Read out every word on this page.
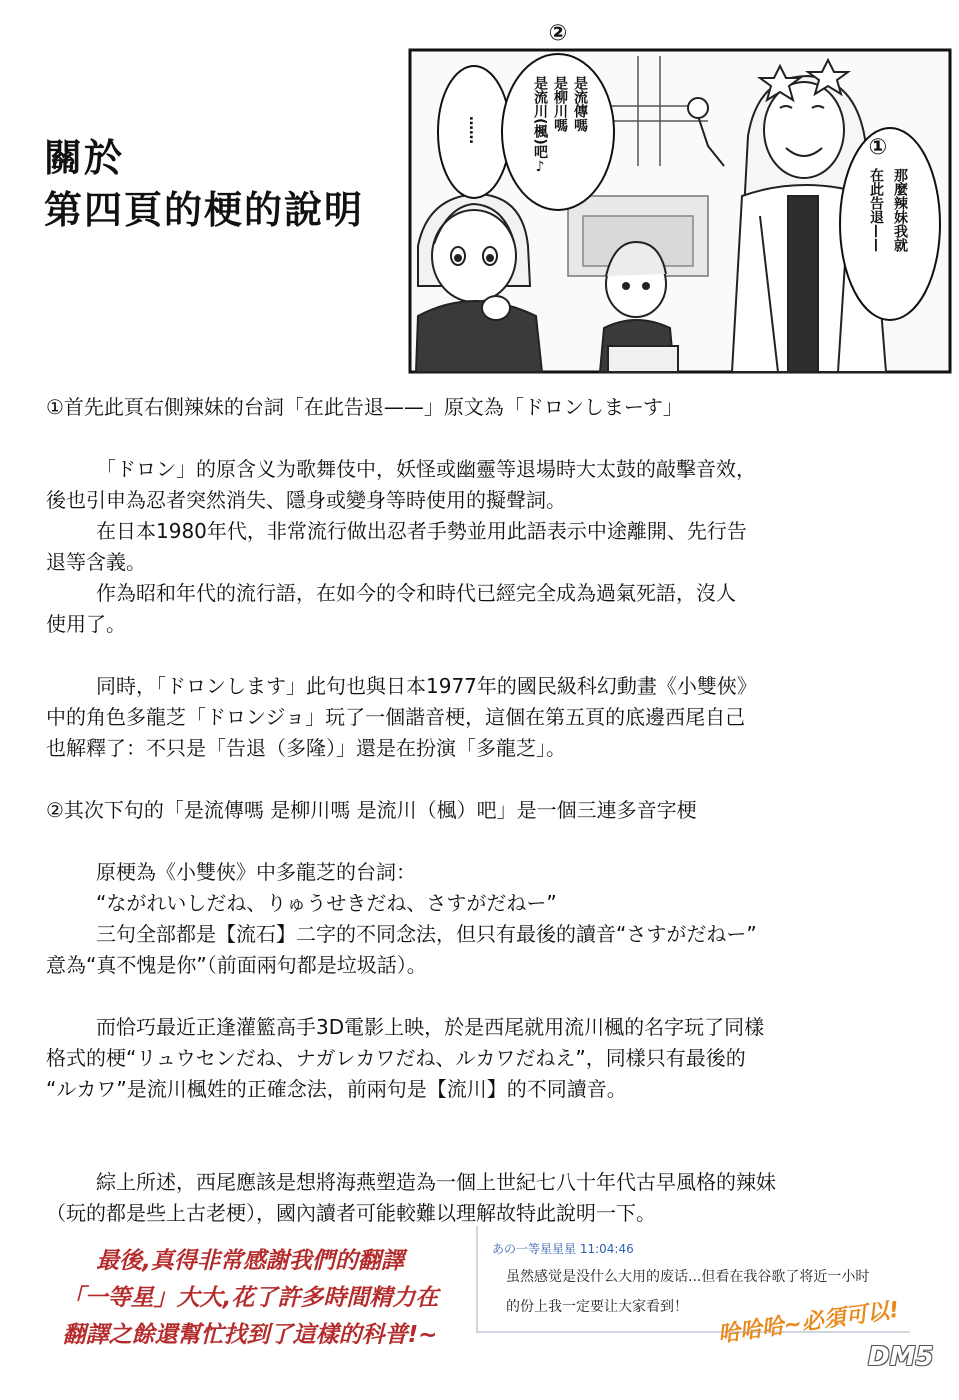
關於
第四頁的梗的說明
……
②
是流傳嗎
是柳川嗎
是流川(楓)吧♪	①
那麼辣妹我就
在此告退——

①首先此頁右側辣妹的台詞「在此告退——」原文為「ドロンしまーす」

「ドロン」的原含义为歌舞伎中，妖怪或幽靈等退場時大太鼓的敲擊音效，

後也引申為忍者突然消失、隱身或變身等時使用的擬聲詞。

在日本1980年代，非常流行做出忍者手勢並用此語表示中途離開、先行告

退等含義。

作為昭和年代的流行語，在如今的令和時代已經完全成為過氣死語，沒人

使用了。

同時，「ドロンします」此句也與日本1977年的國民級科幻動畫《小雙俠》

中的角色多龍芝「ドロンジョ」玩了一個諧音梗，這個在第五頁的底邊西尾自己

也解釋了：不只是「告退（多隆）」還是在扮演「多龍芝」。

②其次下句的「是流傳嗎 是柳川嗎 是流川（楓）吧」是一個三連多音字梗

原梗為《小雙俠》中多龍芝的台詞：

“ながれいしだね、りゅうせきだね、さすがだねー”

三句全部都是【流石】二字的不同念法，但只有最後的讀音“さすがだねー”

意為“真不愧是你”（前面兩句都是垃圾話）。

而恰巧最近正逢灌籃高手3D電影上映，於是西尾就用流川楓的名字玩了同樣

格式的梗“リュウセンだね、ナガレカワだね、ルカワだねえ”，同樣只有最後的

“ルカワ”是流川楓姓的正確念法，前兩句是【流川】的不同讀音。

綜上所述，西尾應該是想將海燕塑造為一個上世紀七八十年代古早風格的辣妹

（玩的都是些上古老梗），國內讀者可能較難以理解故特此說明一下。

最後,真得非常感謝我們的翻譯
「一等星」大大,花了許多時間精力在
翻譯之餘還幫忙找到了這樣的科普!~
あの一等星星星 11:04:46
虽然感觉是没什么大用的废话...但看在我谷歌了将近一小时
的份上我一定要让大家看到！	哈哈哈~必須可以!
DM5
